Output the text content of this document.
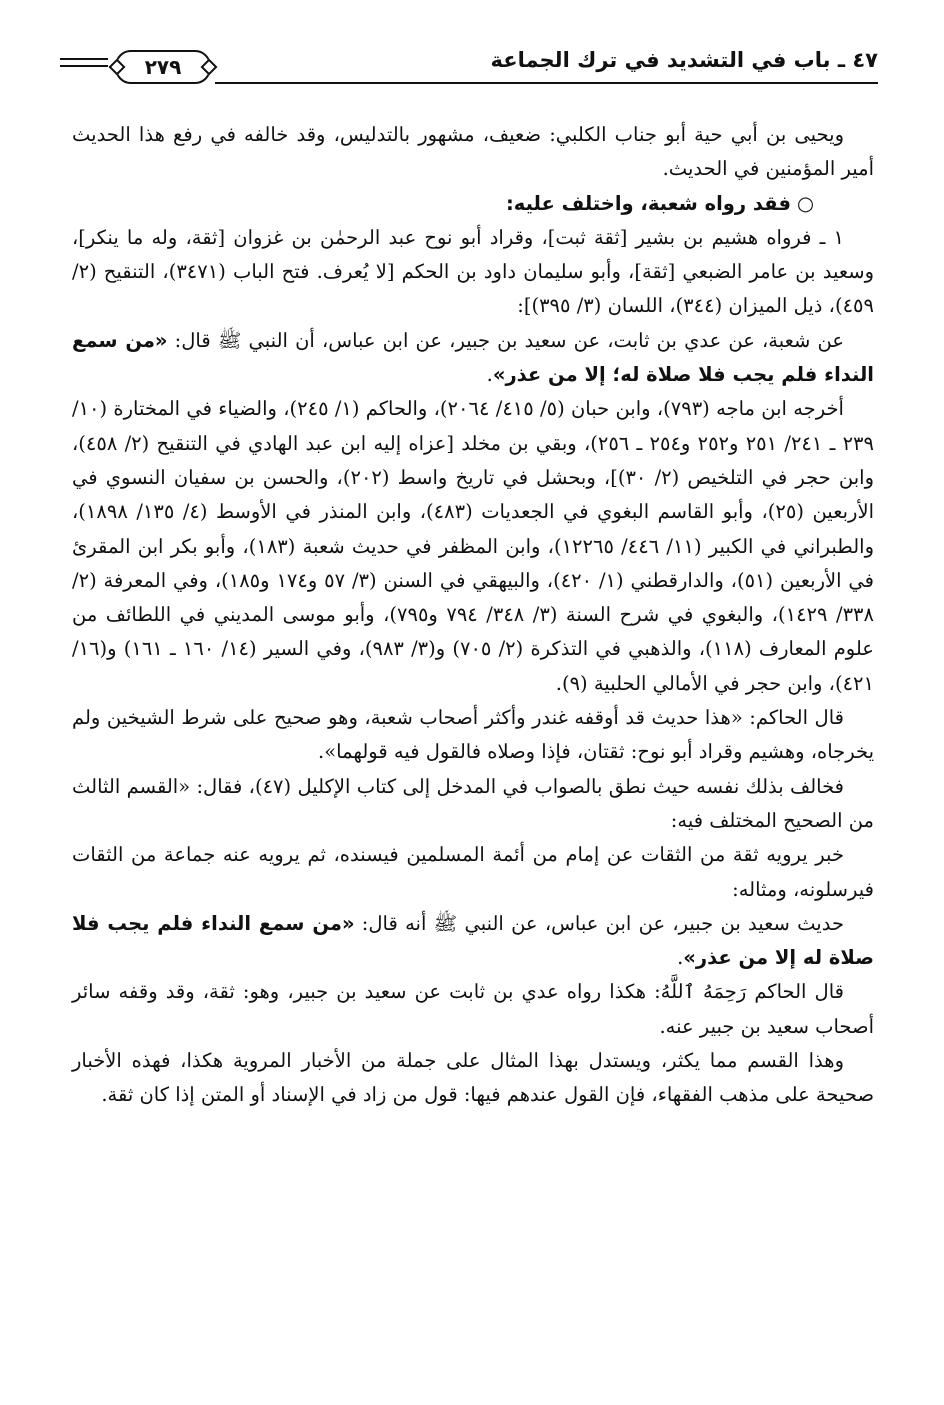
٤٧ ـ باب في التشديد في ترك الجماعة
٢٧٩

ويحيى بن أبي حية أبو جناب الكلبي: ضعيف، مشهور بالتدليس، وقد خالفه في رفع هذا الحديث أمير المؤمنين في الحديث.

○فقد رواه شعبة، واختلف عليه:

١ ـ فرواه هشيم بن بشير [ثقة ثبت]، وقراد أبو نوح عبد الرحمٰن بن غزوان [ثقة، وله ما ينكر]، وسعيد بن عامر الضبعي [ثقة]، وأبو سليمان داود بن الحكم [لا يُعرف. فتح الباب (٣٤٧١)، التنقيح (٢/ ٤٥٩)، ذيل الميزان (٣٤٤)، اللسان (٣/ ٣٩٥)]:

عن شعبة، عن عدي بن ثابت، عن سعيد بن جبير، عن ابن عباس، أن النبي ﷺ قال: «من سمع النداء فلم يجب فلا صلاة له؛ إلا من عذر».

أخرجه ابن ماجه (٧٩٣)، وابن حبان (٥/ ٤١٥/ ٢٠٦٤)، والحاكم (١/ ٢٤٥)، والضياء في المختارة (١٠/ ٢٣٩ ـ ٢٤١/ ٢٥١ و٢٥٢ و٢٥٤ ـ ٢٥٦)، وبقي بن مخلد [عزاه إليه ابن عبد الهادي في التنقيح (٢/ ٤٥٨)، وابن حجر في التلخيص (٢/ ٣٠)]، وبحشل في تاريخ واسط (٢٠٢)، والحسن بن سفيان النسوي في الأربعين (٢٥)، وأبو القاسم البغوي في الجعديات (٤٨٣)، وابن المنذر في الأوسط (٤/ ١٣٥/ ١٨٩٨)، والطبراني في الكبير (١١/ ٤٤٦/ ١٢٢٦٥)، وابن المظفر في حديث شعبة (١٨٣)، وأبو بكر ابن المقرئ في الأربعين (٥١)، والدارقطني (١/ ٤٢٠)، والبيهقي في السنن (٣/ ٥٧ و١٧٤ و١٨٥)، وفي المعرفة (٢/ ٣٣٨/ ١٤٢٩)، والبغوي في شرح السنة (٣/ ٣٤٨/ ٧٩٤ و٧٩٥)، وأبو موسى المديني في اللطائف من علوم المعارف (١١٨)، والذهبي في التذكرة (٢/ ٧٠٥) و(٣/ ٩٨٣)، وفي السير (١٤/ ١٦٠ ـ ١٦١) و(١٦/ ٤٢١)، وابن حجر في الأمالي الحلبية (٩).

قال الحاكم: «هذا حديث قد أوقفه غندر وأكثر أصحاب شعبة، وهو صحيح على شرط الشيخين ولم يخرجاه، وهشيم وقراد أبو نوح: ثقتان، فإذا وصلاه فالقول فيه قولهما».

فخالف بذلك نفسه حيث نطق بالصواب في المدخل إلى كتاب الإكليل (٤٧)، فقال: «القسم الثالث من الصحيح المختلف فيه:

خبر يرويه ثقة من الثقات عن إمام من أئمة المسلمين فيسنده، ثم يرويه عنه جماعة من الثقات فيرسلونه، ومثاله:

حديث سعيد بن جبير، عن ابن عباس، عن النبي ﷺ أنه قال: «من سمع النداء فلم يجب فلا صلاة له إلا من عذر».

قال الحاكم رَحِمَهُ ٱللَّهُ: هكذا رواه عدي بن ثابت عن سعيد بن جبير، وهو: ثقة، وقد وقفه سائر أصحاب سعيد بن جبير عنه.

وهذا القسم مما يكثر، ويستدل بهذا المثال على جملة من الأخبار المروية هكذا، فهذه الأخبار صحيحة على مذهب الفقهاء، فإن القول عندهم فيها: قول من زاد في الإسناد أو المتن إذا كان ثقة.
